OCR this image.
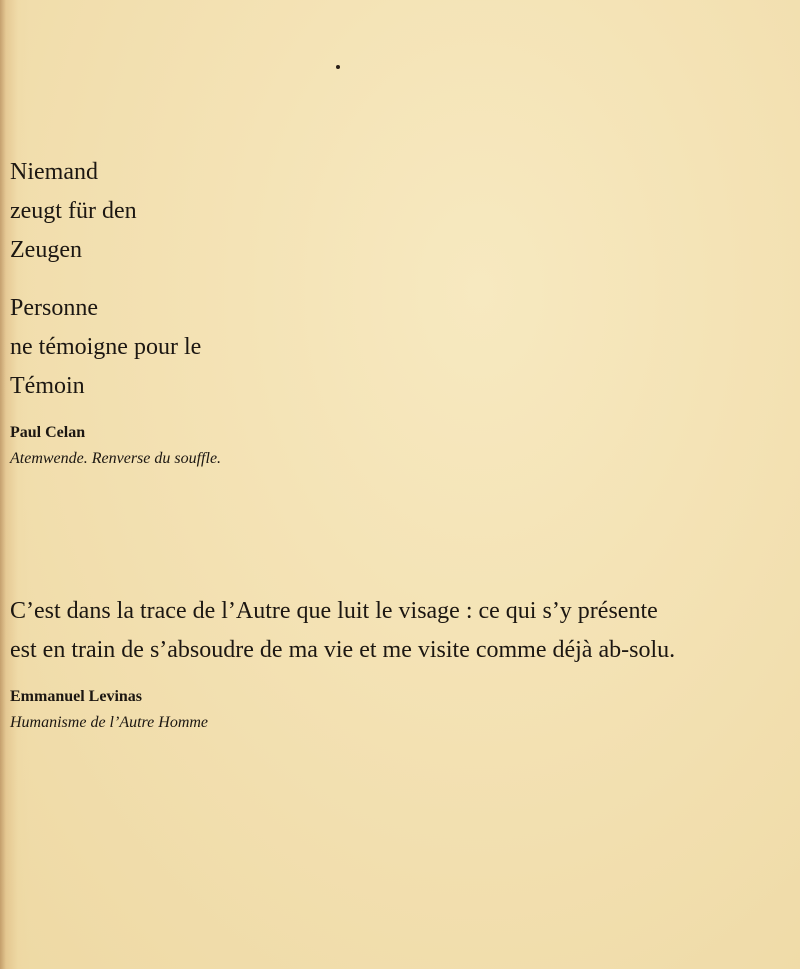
Niemand
zeugt für den
Zeugen
Personne
ne témoigne pour le
Témoin
Paul Celan
Atemwende. Renverse du souffle.
C’est dans la trace de l’Autre que luit le visage : ce qui s’y présente
est en train de s’absoudre de ma vie et me visite comme déjà ab-solu.
Emmanuel Levinas
Humanisme de l’Autre Homme
